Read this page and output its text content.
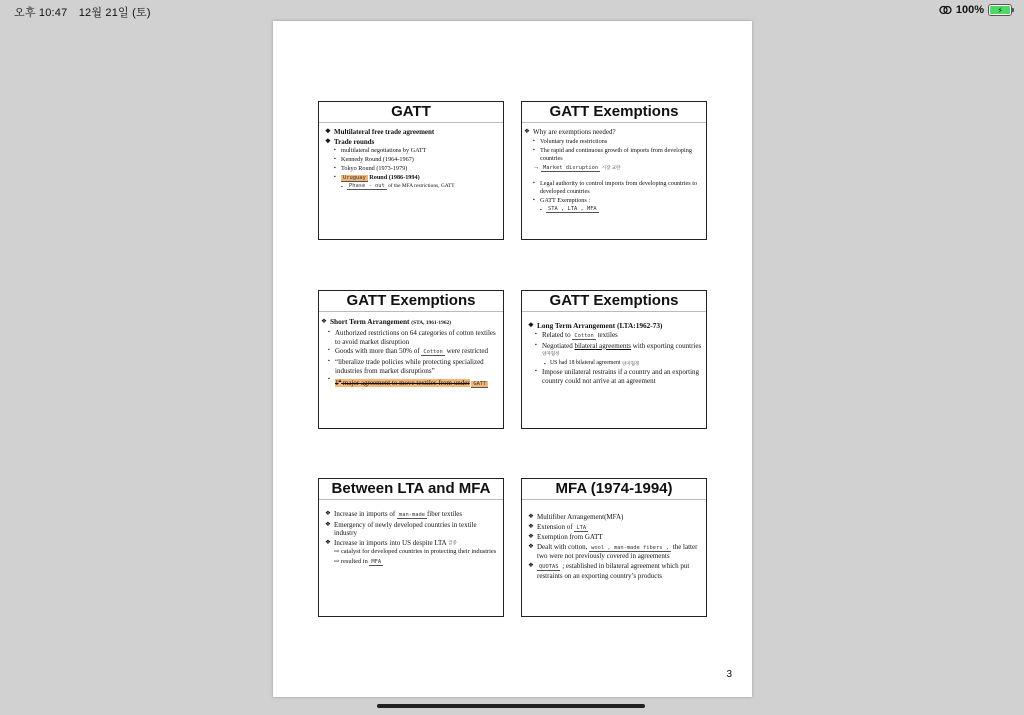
오후 10:47 12월 21일 (토)	100%	⚡
GATT
❖ Multilateral free trade agreement
❖ Trade rounds
▪ multilateral negotiations by GATT
▪ Kennedy Round (1964-1967)
▪ Tokyo Round (1973-1979)
▪ Uruguay Round (1986-1994)
▪ Phase - out of the MFA restrictions, GATT
GATT Exemptions
❖ Why are exemptions needed?
▪ Voluntary trade restrictions
▪ The rapid and continuous growth of imports from developing countries
→ Market disruption $^{시장 교란}$
▪ Legal authority to control imports from developing countries to developed countries
▪ GATT Exemptions :
▪ STA , LTA , MFA
GATT Exemptions
❖ Short Term Arrangement (STA, 1961-1962)
▪ Authorized restrictions on 64 categories of cotton textiles to avoid market disruption
▪ Goods with more than 50% of Cotton were restricted
▪ “liberalize trade policies while protecting specialized industries from market disruptions”
▪ 1st major agreement to move textiles from under GATT
GATT Exemptions
❖ Long Term Arrangement (LTA:1962-73)
▪ Related to Cotton textiles
▪ Negotiated bilateral agreements with exporting countries $^{양자협정}$
▪ US had 18 bilateral agreement $^{양자협정}$
▪ Impose unilateral restrains if a country and an exporting country could not arrive at an agreement
Between LTA and MFA
❖ Increase in imports of man-made fiber textiles
❖ Emergency of newly developed countries in textile industry
❖ Increase in imports into US despite LTA $^{급증}$
⇨ catalyst for developed countries in protecting their industries
⇨ resulted in MFA
MFA (1974-1994)
❖ Multifiber Arrangement(MFA)
❖ Extension of LTA
❖ Exemption from GATT
❖ Dealt with cotton, wool , man-made fibers , the latter two were not previously covered in agreements
❖ QUOTAS ; established in bilateral agreement which put restraints on an exporting country’s products
3
